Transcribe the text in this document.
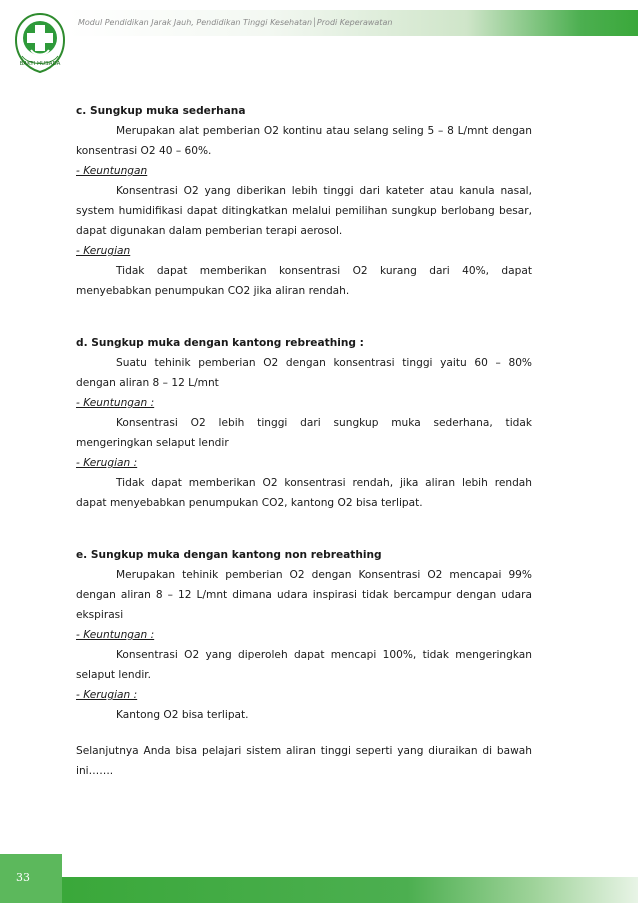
Modul Pendidikan Jarak Jauh, Pendidikan Tinggi Kesehatan│Prodi Keperawatan
BAKTI HUSADA

c. Sungkup muka sederhana

Merupakan alat pemberian O2 kontinu atau selang seling 5 – 8 L/mnt dengan konsentrasi O2 40 – 60%.

- Keuntungan

Konsentrasi O2 yang diberikan lebih tinggi dari kateter atau kanula nasal, system humidifikasi dapat ditingkatkan melalui pemilihan sungkup berlobang besar, dapat digunakan dalam pemberian terapi aerosol.

- Kerugian

Tidak dapat memberikan konsentrasi O2 kurang dari 40%, dapat menyebabkan penumpukan CO2 jika aliran rendah.

d. Sungkup muka dengan kantong rebreathing :

Suatu tehinik pemberian O2 dengan konsentrasi tinggi yaitu 60 – 80% dengan aliran 8 – 12 L/mnt

- Keuntungan :

Konsentrasi O2 lebih tinggi dari sungkup muka sederhana, tidak mengeringkan selaput lendir

- Kerugian :

Tidak dapat memberikan O2 konsentrasi rendah, jika aliran lebih rendah dapat menyebabkan penumpukan CO2, kantong O2 bisa terlipat.

e. Sungkup muka dengan kantong non rebreathing

Merupakan tehinik pemberian O2 dengan Konsentrasi O2 mencapai 99% dengan aliran 8 – 12 L/mnt dimana udara inspirasi tidak bercampur dengan udara ekspirasi

- Keuntungan :

Konsentrasi O2 yang diperoleh dapat mencapi 100%, tidak mengeringkan selaput lendir.

- Kerugian :

Kantong O2 bisa terlipat.

Selanjutnya Anda bisa pelajari sistem aliran tinggi seperti yang diuraikan di bawah ini…….

33
